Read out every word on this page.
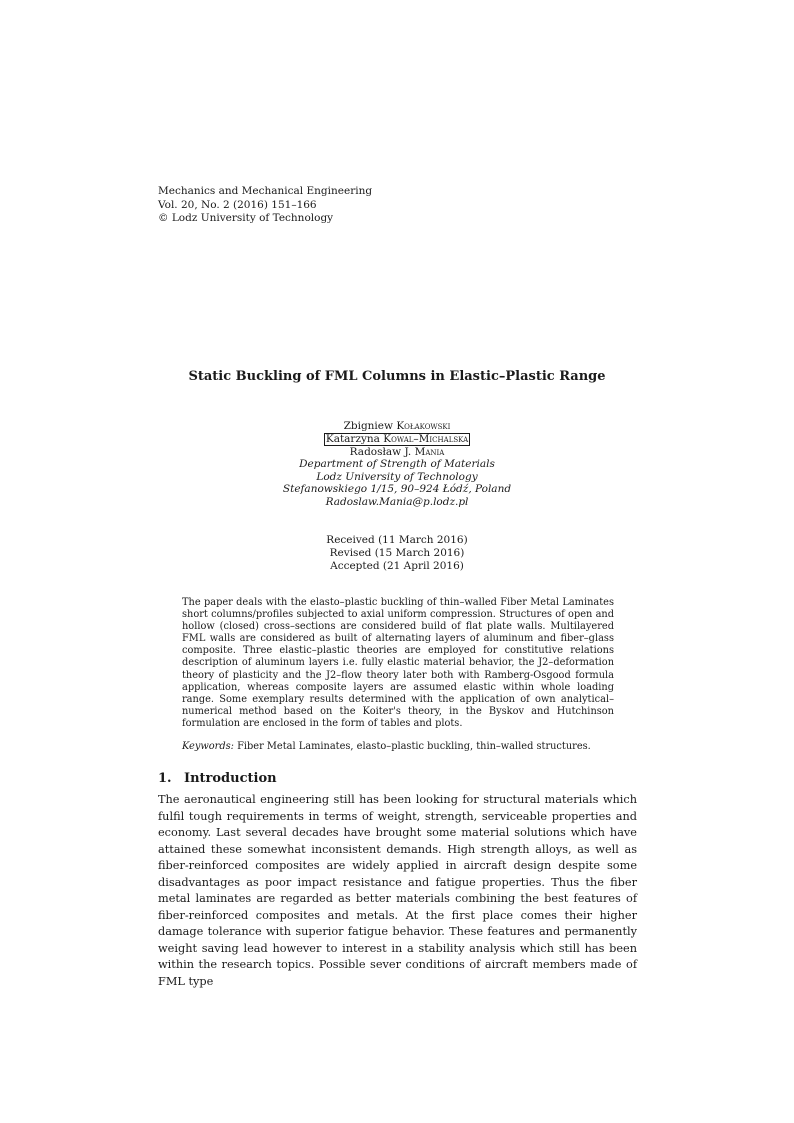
Mechanics and Mechanical Engineering
Vol. 20, No. 2 (2016) 151–166
© Lodz University of Technology
Static Buckling of FML Columns in Elastic–Plastic Range
Zbigniew Kołakowski
Katarzyna Kowal–Michalska
Radosław J. Mania
Department of Strength of Materials
Lodz University of Technology
Stefanowskiego 1/15, 90–924 Łódź, Poland
Radoslaw.Mania@p.lodz.pl
Received (11 March 2016)
Revised (15 March 2016)
Accepted (21 April 2016)
The paper deals with the elasto–plastic buckling of thin–walled Fiber Metal Laminates short columns/profiles subjected to axial uniform compression. Structures of open and hollow (closed) cross–sections are considered build of flat plate walls. Multilayered FML walls are considered as built of alternating layers of aluminum and fiber–glass composite. Three elastic–plastic theories are employed for constitutive relations description of aluminum layers i.e. fully elastic material behavior, the J2–deformation theory of plasticity and the J2–flow theory later both with Ramberg-Osgood formula application, whereas composite layers are assumed elastic within whole loading range. Some exemplary results determined with the application of own analytical–numerical method based on the Koiter's theory, in the Byskov and Hutchinson formulation are enclosed in the form of tables and plots.
Keywords: Fiber Metal Laminates, elasto–plastic buckling, thin–walled structures.
1. Introduction
The aeronautical engineering still has been looking for structural materials which fulfil tough requirements in terms of weight, strength, serviceable properties and economy. Last several decades have brought some material solutions which have attained these somewhat inconsistent demands. High strength alloys, as well as fiber-reinforced composites are widely applied in aircraft design despite some disadvantages as poor impact resistance and fatigue properties. Thus the fiber metal laminates are regarded as better materials combining the best features of fiber-reinforced composites and metals. At the first place comes their higher damage tolerance with superior fatigue behavior. These features and permanently weight saving lead however to interest in a stability analysis which still has been within the research topics. Possible sever conditions of aircraft members made of FML type
